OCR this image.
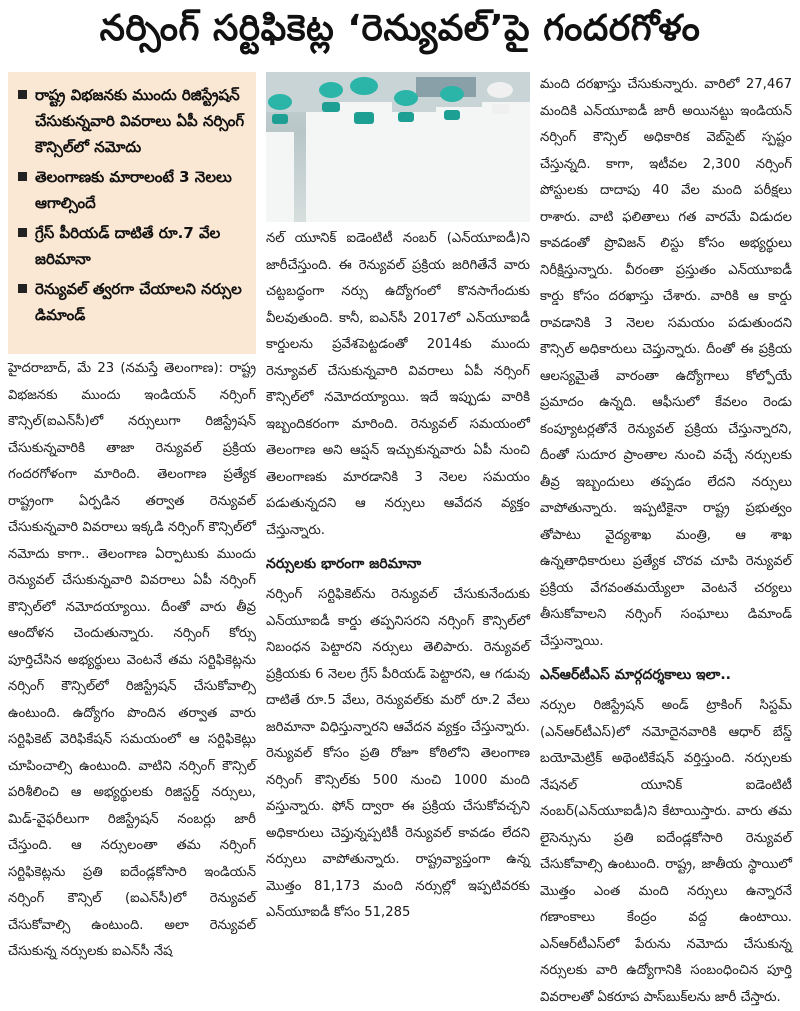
నర్సింగ్ సర్టిఫికెట్ల ‘రెన్యువల్’పై గందరగోళం
రాష్ట్ర విభజనకు ముందు రిజిస్ట్రేషన్ చేసుకున్నవారి వివరాలు ఏపీ నర్సింగ్ కౌన్సిల్‌లో నమోదు
తెలంగాణకు మారాలంటే 3 నెలలు ఆగాల్సిందే
గ్రేస్ పీరియడ్ దాటితే రూ.7 వేల జరిమానా
రెన్యువల్ త్వరగా చేయాలని నర్సుల డిమాండ్

హైదరాబాద్, మే 23 (నమస్తే తెలంగాణ): రాష్ట్ర విభజనకు ముందు ఇండియన్ నర్సింగ్ కౌన్సిల్(ఐఎన్‌సీ)లో నర్సులుగా రిజిస్ట్రేషన్ చేసుకున్నవారికి తాజా రెన్యువల్ ప్రక్రియ గందరగోళంగా మారింది. తెలంగాణ ప్రత్యేక రాష్ట్రంగా ఏర్పడిన తర్వాత రెన్యువల్ చేసుకున్నవారి వివరాలు ఇక్కడి నర్సింగ్ కౌన్సిల్‌లో నమోదు కాగా.. తెలంగాణ ఏర్పాటుకు ముందు రెన్యువల్ చేసుకున్నవారి వివరాలు ఏపీ నర్సింగ్ కౌన్సిల్‌లో నమోదయ్యాయి. దీంతో వారు తీవ్ర ఆందోళన చెందుతున్నారు. నర్సింగ్ కోర్సు పూర్తిచేసిన అభ్యర్థులు వెంటనే తమ సర్టిఫికెట్లను నర్సింగ్ కౌన్సిల్‌లో రిజిస్ట్రేషన్ చేసుకోవాల్సి ఉంటుంది. ఉద్యోగం పొందిన తర్వాత వారు సర్టిఫికెట్ వెరిఫికేషన్ సమయంలో ఆ సర్టిఫికెట్లు చూపించాల్సి ఉంటుంది. వాటిని నర్సింగ్ కౌన్సిల్ పరిశీలించి ఆ అభ్యర్థులకు రిజిస్టర్డ్ నర్సులు, మిడ్-వైఫరీలుగా రిజిస్ట్రేషన్ నంబర్లు జారీ చేస్తుంది. ఆ నర్సులంతా తమ నర్సింగ్ సర్టిఫికెట్లను ప్రతి ఐదేండ్లకోసారి ఇండియన్ నర్సింగ్ కౌన్సిల్ (ఐఎన్‌సీ)లో రెన్యువల్ చేసుకోవాల్సి ఉంటుంది. అలా రెన్యువల్ చేసుకున్న నర్సులకు ఐఎన్‌సీ నేష

నల్ యూనిక్ ఐడెంటిటీ నంబర్ (ఎన్‌యూఐడీ)ని జారీచేస్తుంది. ఈ రెన్యువల్ ప్రక్రియ జరిగితేనే వారు చట్టబద్ధంగా నర్సు ఉద్యోగంలో కొనసాగేందుకు వీలవుతుంది. కానీ, ఐఎన్‌సీ 2017లో ఎన్‌యూఐడీ కార్డులను ప్రవేశపెట్టడంతో 2014కు ముందు రెన్యూవల్ చేసుకున్నవారి వివరాలు ఏపీ నర్సింగ్ కౌన్సిల్‌లో నమోదయ్యాయి. ఇదే ఇప్పుడు వారికి ఇబ్బందికరంగా మారింది. రెన్యువల్ సమయంలో తెలంగాణ అని ఆప్షన్ ఇచ్చుకున్నవారు ఏపీ నుంచి తెలంగాణకు మారడానికి 3 నెలల సమయం పడుతున్నదని ఆ నర్సులు ఆవేదన వ్యక్తం చేస్తున్నారు.

నర్సులకు భారంగా జరిమానా

నర్సింగ్ సర్టిఫికెట్‌ను రెన్యువల్ చేసుకునేందుకు ఎన్‌యూఐడీ కార్డు తప్పనిసరని నర్సింగ్ కౌన్సిల్‌లో నిబంధన పెట్టారని నర్సులు తెలిపారు. రెన్యువల్ ప్రక్రియకు 6 నెలల గ్రేస్ పీరియడ్ పెట్టారని, ఆ గడువు దాటితే రూ.5 వేలు, రెన్యువల్‌కు మరో రూ.2 వేలు జరిమానా విధిస్తున్నారని ఆవేదన వ్యక్తం చేస్తున్నారు. రెన్యువల్ కోసం ప్రతి రోజూ కోఠిలోని తెలంగాణ నర్సింగ్ కౌన్సిల్‌కు 500 నుంచి 1000 మంది వస్తున్నారు. ఫోన్ ద్వారా ఈ ప్రక్రియ చేసుకోవచ్చని అధికారులు చెప్తున్నప్పటికీ రెన్యువల్ కావడం లేదని నర్సులు వాపోతున్నారు. రాష్ట్రవ్యాప్తంగా ఉన్న మొత్తం 81,173 మంది నర్సుల్లో ఇప్పటివరకు ఎన్‌యూఐడీ కోసం 51,285

మంది దరఖాస్తు చేసుకున్నారు. వారిలో 27,467 మందికి ఎన్‌యూఐడీ జారీ అయినట్టు ఇండియన్ నర్సింగ్ కౌన్సిల్ అధికారిక వెబ్‌సైట్ స్పష్టం చేస్తున్నది. కాగా, ఇటీవల 2,300 నర్సింగ్ పోస్టులకు దాదాపు 40 వేల మంది పరీక్షలు రాశారు. వాటి ఫలితాలు గత వారమే విడుదల కావడంతో ప్రొవిజన్ లిస్టు కోసం అభ్యర్థులు నిరీక్షిస్తున్నారు. వీరంతా ప్రస్తుతం ఎన్‌యూఐడీ కార్డు కోసం దరఖాస్తు చేశారు. వారికి ఆ కార్డు రావడానికి 3 నెలల సమయం పడుతుందని కౌన్సిల్ అధికారులు చెప్తున్నారు. దీంతో ఈ ప్రక్రియ ఆలస్యమైతే వారంతా ఉద్యోగాలు కోల్పోయే ప్రమాదం ఉన్నది. ఆఫీసులో కేవలం రెండు కంప్యూటర్లతోనే రెన్యువల్ ప్రక్రియ చేస్తున్నారని, దీంతో సుదూర ప్రాంతాల నుంచి వచ్చే నర్సులకు తీవ్ర ఇబ్బందులు తప్పడం లేదని నర్సులు వాపోతున్నారు. ఇప్పటికైనా రాష్ట్ర ప్రభుత్వం తోపాటు వైద్యశాఖ మంత్రి, ఆ శాఖ ఉన్నతాధికారులు ప్రత్యేక చొరవ చూపి రెన్యువల్ ప్రక్రియ వేగవంతమయ్యేలా వెంటనే చర్యలు తీసుకోవాలని నర్సింగ్ సంఘాలు డిమాండ్ చేస్తున్నాయి.

ఎన్ఆర్‌టీఎస్ మార్గదర్శకాలు ఇలా..

నర్సుల రిజిస్ట్రేషన్ అండ్ ట్రాకింగ్ సిస్టమ్ (ఎన్ఆర్‌టీఎస్)లో నమోదైనవారికి ఆధార్ బేస్డ్ బయోమెట్రిక్ అథెంటికేషన్ వర్తిస్తుంది. నర్సులకు నేషనల్ యూనిక్ ఐడెంటిటీ నంబర్(ఎన్‌యూఐడీ)ని కేటాయిస్తారు. వారు తమ లైసెన్సును ప్రతి ఐదేండ్లకోసారి రెన్యువల్ చేసుకోవాల్సి ఉంటుంది. రాష్ట్ర, జాతీయ స్థాయిలో మొత్తం ఎంత మంది నర్సులు ఉన్నారనే గణాంకాలు కేంద్రం వద్ద ఉంటాయి. ఎన్ఆర్‌టీఎస్‌లో పేరును నమోదు చేసుకున్న నర్సులకు వారి ఉద్యోగానికి సంబంధించిన పూర్తి వివరాలతో ఏకరూప పాస్‌బుక్‌లను జారీ చేస్తారు.
